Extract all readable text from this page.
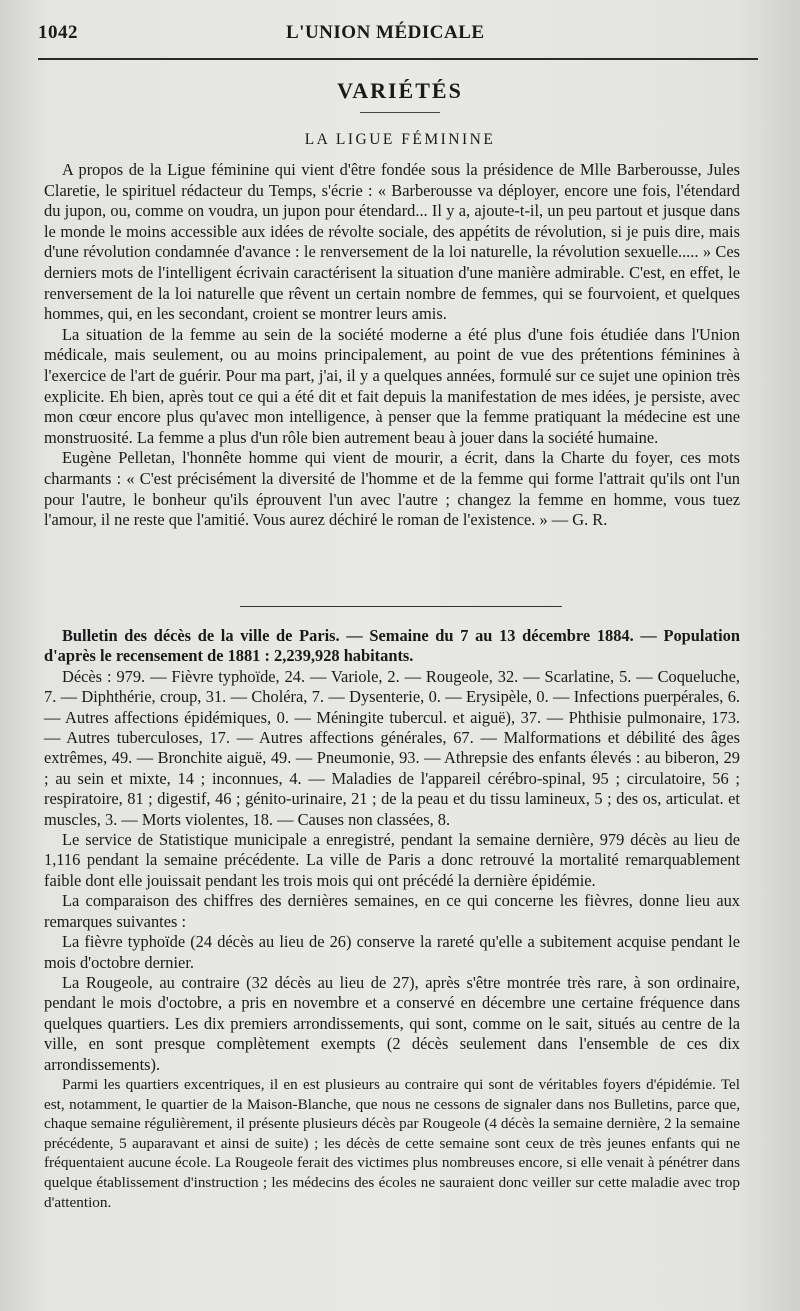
1042	L'UNION MÉDICALE
VARIÉTÉS
LA LIGUE FÉMININE

A propos de la Ligue féminine qui vient d'être fondée sous la présidence de Mlle Barberousse, Jules Claretie, le spirituel rédacteur du Temps, s'écrie : « Barberousse va déployer, encore une fois, l'étendard du jupon, ou, comme on voudra, un jupon pour étendard... Il y a, ajoute-t-il, un peu partout et jusque dans le monde le moins accessible aux idées de révolte sociale, des appétits de révolution, si je puis dire, mais d'une révolution condamnée d'avance : le renversement de la loi naturelle, la révolution sexuelle..... » Ces derniers mots de l'intelligent écrivain caractérisent la situation d'une manière admirable. C'est, en effet, le renversement de la loi naturelle que rêvent un certain nombre de femmes, qui se fourvoient, et quelques hommes, qui, en les secondant, croient se montrer leurs amis.

La situation de la femme au sein de la société moderne a été plus d'une fois étudiée dans l'Union médicale, mais seulement, ou au moins principalement, au point de vue des prétentions féminines à l'exercice de l'art de guérir. Pour ma part, j'ai, il y a quelques années, formulé sur ce sujet une opinion très explicite. Eh bien, après tout ce qui a été dit et fait depuis la manifestation de mes idées, je persiste, avec mon cœur encore plus qu'avec mon intelligence, à penser que la femme pratiquant la médecine est une monstruosité. La femme a plus d'un rôle bien autrement beau à jouer dans la société humaine.

Eugène Pelletan, l'honnête homme qui vient de mourir, a écrit, dans la Charte du foyer, ces mots charmants : « C'est précisément la diversité de l'homme et de la femme qui forme l'attrait qu'ils ont l'un pour l'autre, le bonheur qu'ils éprouvent l'un avec l'autre ; changez la femme en homme, vous tuez l'amour, il ne reste que l'amitié. Vous aurez déchiré le roman de l'existence. » — G. R.

Bulletin des décès de la ville de Paris. — Semaine du 7 au 13 décembre 1884. — Population d'après le recensement de 1881 : 2,239,928 habitants.

Décès : 979. — Fièvre typhoïde, 24. — Variole, 2. — Rougeole, 32. — Scarlatine, 5. — Coqueluche, 7. — Diphthérie, croup, 31. — Choléra, 7. — Dysenterie, 0. — Erysipèle, 0. — Infections puerpérales, 6. — Autres affections épidémiques, 0. — Méningite tubercul. et aiguë), 37. — Phthisie pulmonaire, 173. — Autres tuberculoses, 17. — Autres affections générales, 67. — Malformations et débilité des âges extrêmes, 49. — Bronchite aiguë, 49. — Pneumonie, 93. — Athrepsie des enfants élevés : au biberon, 29 ; au sein et mixte, 14 ; inconnues, 4. — Maladies de l'appareil cérébro-spinal, 95 ; circulatoire, 56 ; respiratoire, 81 ; digestif, 46 ; génito-urinaire, 21 ; de la peau et du tissu lamineux, 5 ; des os, articulat. et muscles, 3. — Morts violentes, 18. — Causes non classées, 8.

Le service de Statistique municipale a enregistré, pendant la semaine dernière, 979 décès au lieu de 1,116 pendant la semaine précédente. La ville de Paris a donc retrouvé la mortalité remarquablement faible dont elle jouissait pendant les trois mois qui ont précédé la dernière épidémie.

La comparaison des chiffres des dernières semaines, en ce qui concerne les fièvres, donne lieu aux remarques suivantes :

La fièvre typhoïde (24 décès au lieu de 26) conserve la rareté qu'elle a subitement acquise pendant le mois d'octobre dernier.

La Rougeole, au contraire (32 décès au lieu de 27), après s'être montrée très rare, à son ordinaire, pendant le mois d'octobre, a pris en novembre et a conservé en décembre une certaine fréquence dans quelques quartiers. Les dix premiers arrondissements, qui sont, comme on le sait, situés au centre de la ville, en sont presque complètement exempts (2 décès seulement dans l'ensemble de ces dix arrondissements).

Parmi les quartiers excentriques, il en est plusieurs au contraire qui sont de véritables foyers d'épidémie. Tel est, notamment, le quartier de la Maison-Blanche, que nous ne cessons de signaler dans nos Bulletins, parce que, chaque semaine régulièrement, il présente plusieurs décès par Rougeole (4 décès la semaine dernière, 2 la semaine précédente, 5 auparavant et ainsi de suite) ; les décès de cette semaine sont ceux de très jeunes enfants qui ne fréquentaient aucune école. La Rougeole ferait des victimes plus nombreuses encore, si elle venait à pénétrer dans quelque établissement d'instruction ; les médecins des écoles ne sauraient donc veiller sur cette maladie avec trop d'attention.
